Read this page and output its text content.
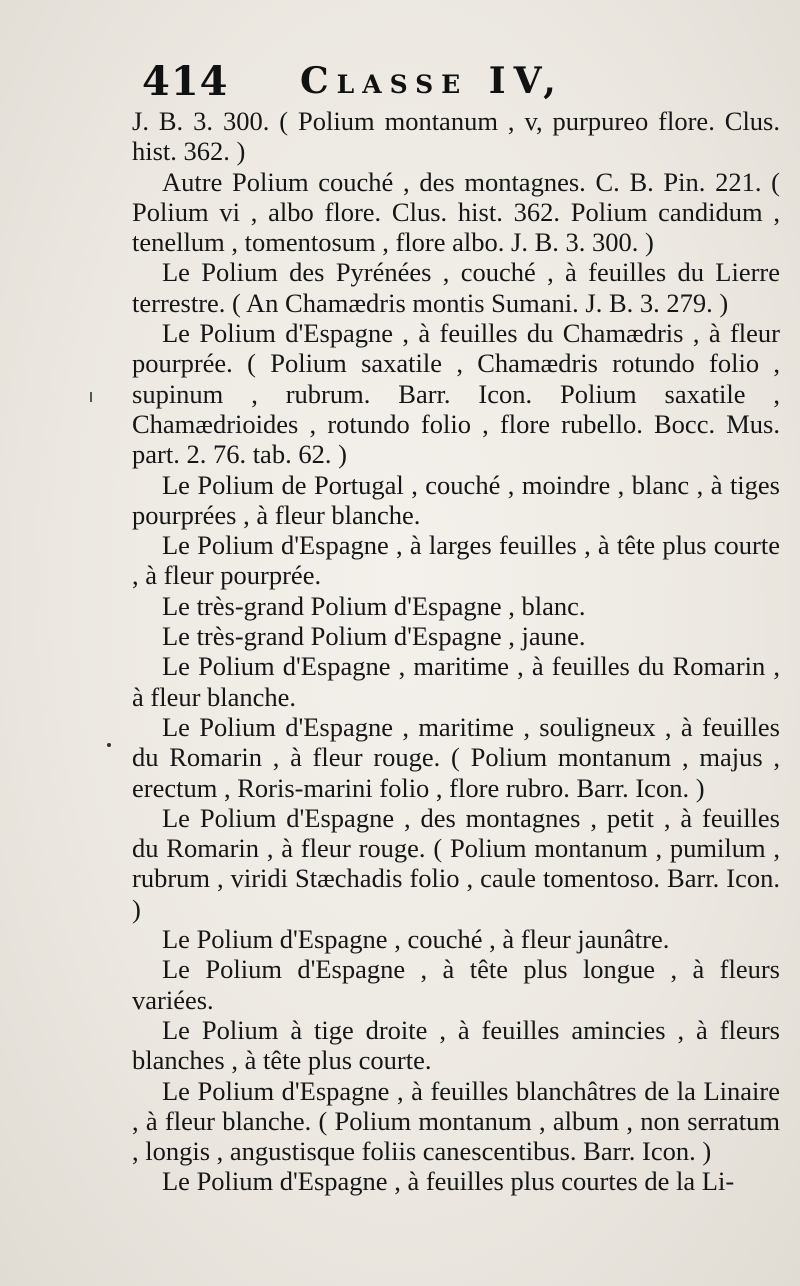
414 Classe IV,

J. B. 3. 300. ( Polium montanum , v, purpureo flore. Clus. hist. 362. )

Autre Polium couché , des montagnes. C. B. Pin. 221. ( Polium vi , albo flore. Clus. hist. 362. Polium candidum , tenellum , tomentosum , flore albo. J. B. 3. 300. )

Le Polium des Pyrénées , couché , à feuilles du Lierre terrestre. ( An Chamædris montis Sumani. J. B. 3. 279. )

Le Polium d'Espagne , à feuilles du Chamædris , à fleur pourprée. ( Polium saxatile , Chamædris rotundo folio , supinum , rubrum. Barr. Icon. Polium saxatile , Chamædrioides , rotundo folio , flore rubello. Bocc. Mus. part. 2. 76. tab. 62. )

Le Polium de Portugal , couché , moindre , blanc , à tiges pourprées , à fleur blanche.

Le Polium d'Espagne , à larges feuilles , à tête plus courte , à fleur pourprée.

Le très-grand Polium d'Espagne , blanc.

Le très-grand Polium d'Espagne , jaune.

Le Polium d'Espagne , maritime , à feuilles du Romarin , à fleur blanche.

Le Polium d'Espagne , maritime , souligneux , à feuilles du Romarin , à fleur rouge. ( Polium montanum , majus , erectum , Roris-marini folio , flore rubro. Barr. Icon. )

Le Polium d'Espagne , des montagnes , petit , à feuilles du Romarin , à fleur rouge. ( Polium montanum , pumilum , rubrum , viridi Stæchadis folio , caule tomentoso. Barr. Icon. )

Le Polium d'Espagne , couché , à fleur jaunâtre.

Le Polium d'Espagne , à tête plus longue , à fleurs variées.

Le Polium à tige droite , à feuilles amincies , à fleurs blanches , à tête plus courte.

Le Polium d'Espagne , à feuilles blanchâtres de la Linaire , à fleur blanche. ( Polium montanum , album , non serratum , longis , angustisque foliis canescentibus. Barr. Icon. )

Le Polium d'Espagne , à feuilles plus courtes de la Li-
